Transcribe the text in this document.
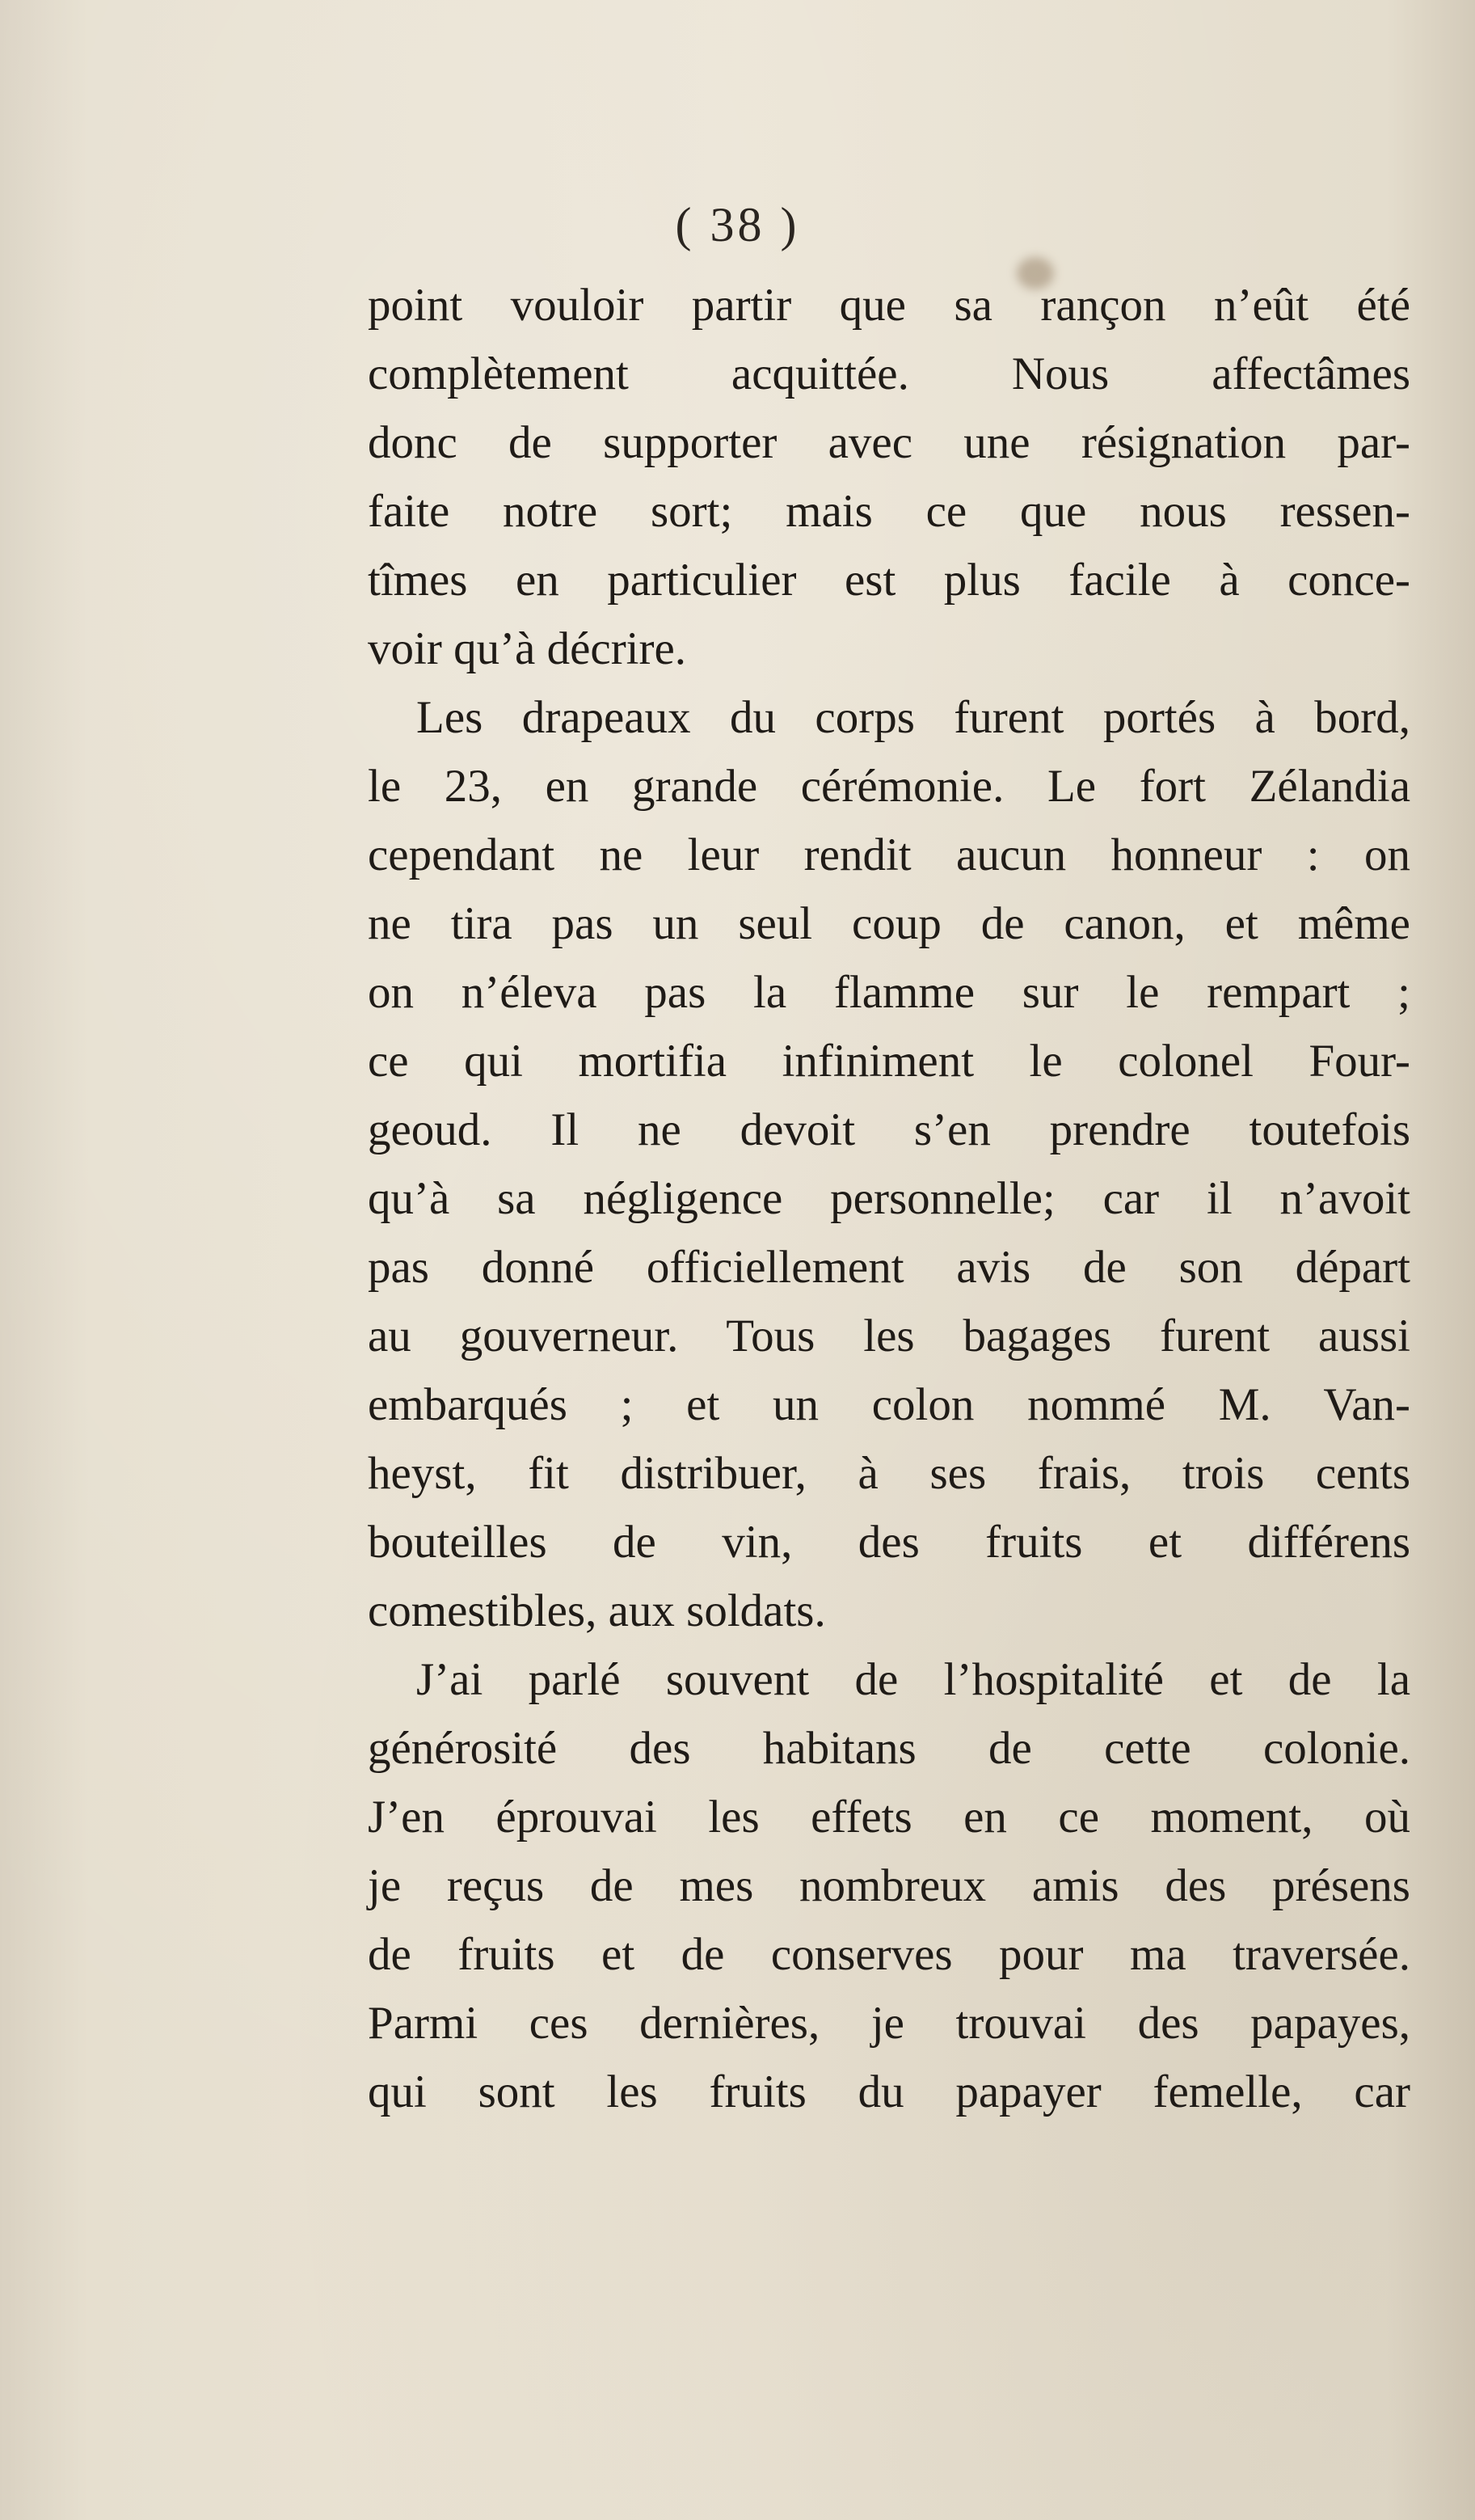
( 38 )
point vouloir partir que sa rançon n’eût été
complètement acquittée. Nous affectâmes
donc de supporter avec une résignation par-
faite notre sort; mais ce que nous ressen-
tîmes en particulier est plus facile à conce-
voir qu’à décrire.
Les drapeaux du corps furent portés à bord,
le 23, en grande cérémonie. Le fort Zélandia
cependant ne leur rendit aucun honneur : on
ne tira pas un seul coup de canon, et même
on n’éleva pas la flamme sur le rempart ;
ce qui mortifia infiniment le colonel Four-
geoud. Il ne devoit s’en prendre toutefois
qu’à sa négligence personnelle; car il n’avoit
pas donné officiellement avis de son départ
au gouverneur. Tous les bagages furent aussi
embarqués ; et un colon nommé M. Van-
heyst, fit distribuer, à ses frais, trois cents
bouteilles de vin, des fruits et différens
comestibles, aux soldats.
J’ai parlé souvent de l’hospitalité et de la
générosité des habitans de cette colonie.
J’en éprouvai les effets en ce moment, où
je reçus de mes nombreux amis des présens
de fruits et de conserves pour ma traversée.
Parmi ces dernières, je trouvai des papayes,
qui sont les fruits du papayer femelle, car
